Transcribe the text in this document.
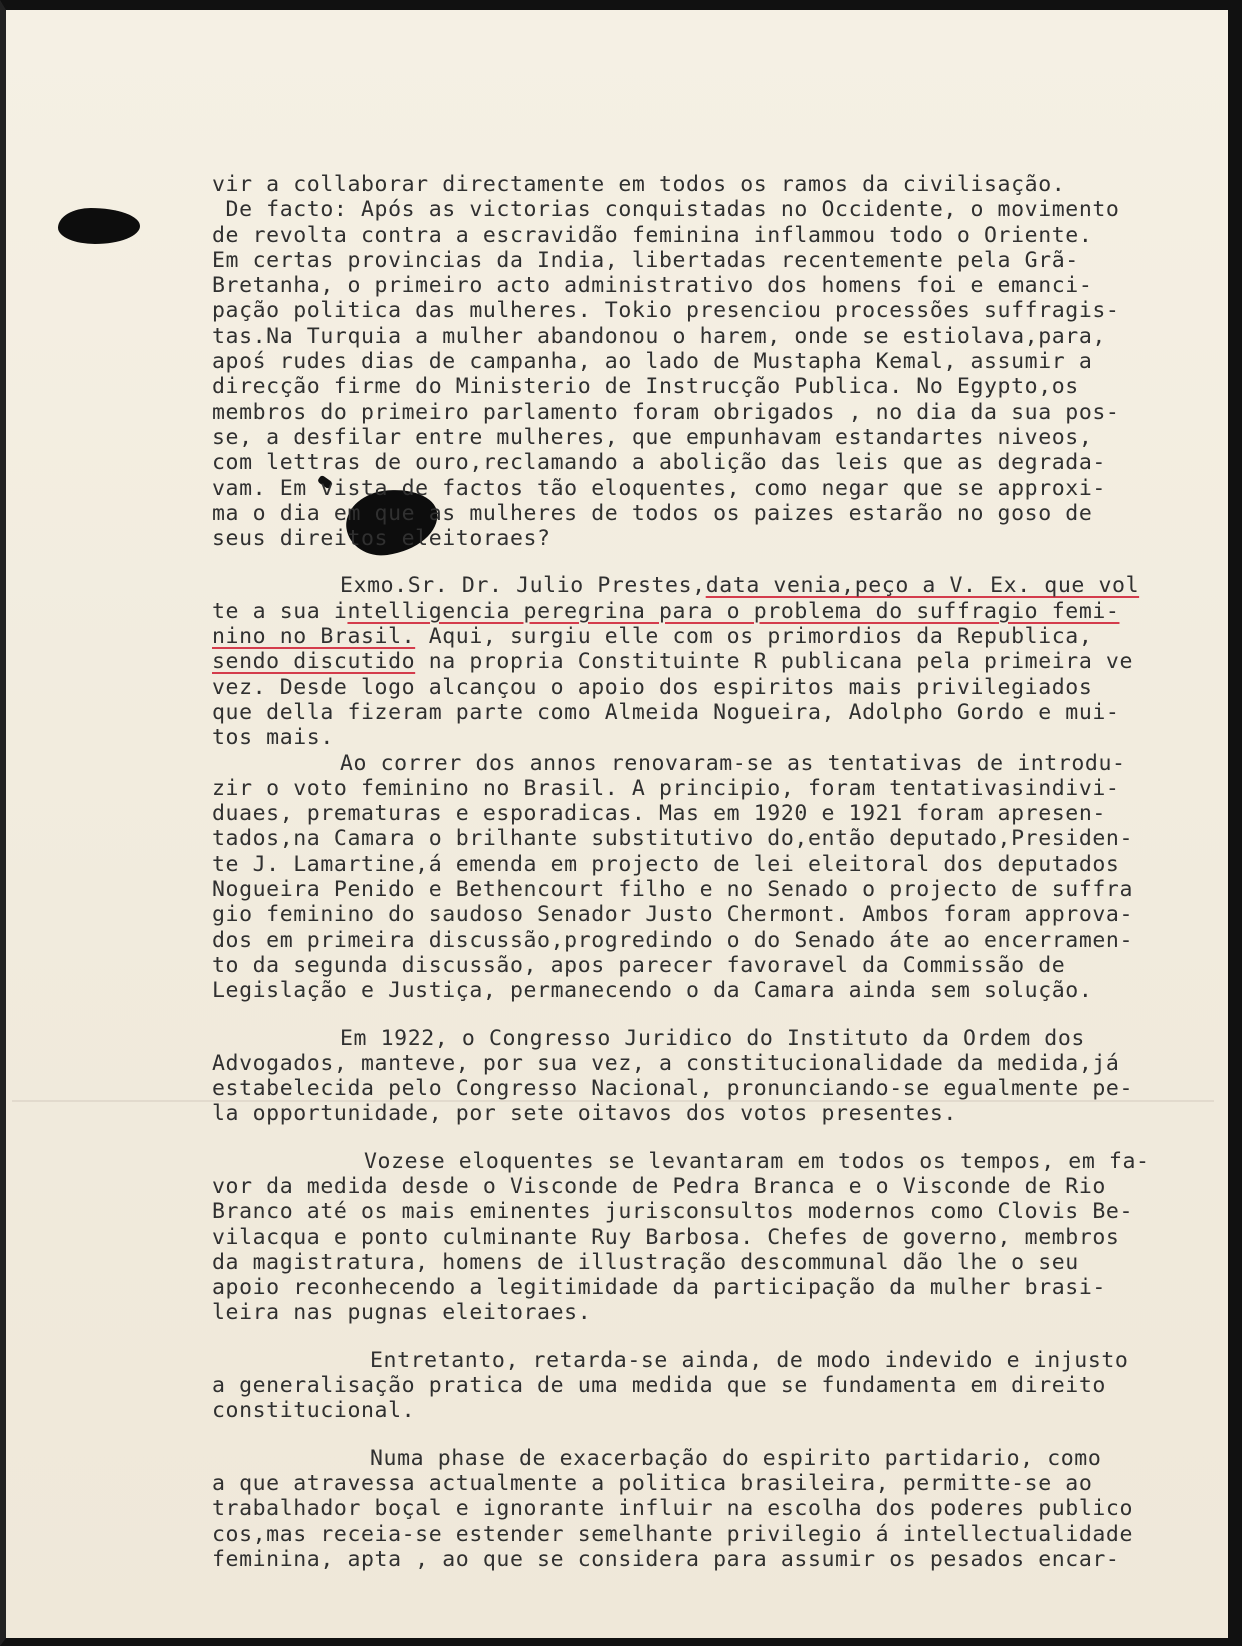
vir a collaborar directamente em todos os ramos da civilisação.
De facto: Após as victorias conquistadas no Occidente, o movimento
de revolta contra a escravidão feminina inflammou todo o Oriente.
Em certas provincias da India, libertadas recentemente pela Grã-
Bretanha, o primeiro acto administrativo dos homens foi e emanci-
pação politica das mulheres. Tokio presenciou processões suffragis-
tas.Na Turquia a mulher abandonou o harem, onde se estiolava,para,
apoś rudes dias de campanha, ao lado de Mustapha Kemal, assumir a
direcção firme do Ministerio de Instrucção Publica. No Egypto,os
membros do primeiro parlamento foram obrigados , no dia da sua pos-
se, a desfilar entre mulheres, que empunhavam estandartes niveos,
com lettras de ouro,reclamando a abolição das leis que as degrada-
vam. Em vista de factos tão eloquentes, como negar que se approxi-
ma o dia em que as mulheres de todos os paizes estarão no goso de
seus direitos eleitoraes?
Exmo.Sr. Dr. Julio Prestes,data venia,peço a V. Ex. que vol
te a sua intelligencia peregrina para o problema do suffragio femi-
nino no Brasil. Aqui, surgiu elle com os primordios da Republica,
sendo discutido na propria Constituinte R publicana pela primeira ve
vez. Desde logo alcançou o apoio dos espiritos mais privilegiados
que della fizeram parte como Almeida Nogueira, Adolpho Gordo e mui-
tos mais.
Ao correr dos annos renovaram-se as tentativas de introdu-
zir o voto feminino no Brasil. A principio, foram tentativasindivi-
duaes, prematuras e esporadicas. Mas em 1920 e 1921 foram apresen-
tados,na Camara o brilhante substitutivo do,então deputado,Presiden-
te J. Lamartine,á emenda em projecto de lei eleitoral dos deputados
Nogueira Penido e Bethencourt filho e no Senado o projecto de suffra
gio feminino do saudoso Senador Justo Chermont. Ambos foram approva-
dos em primeira discussão,progredindo o do Senado áte ao encerramen-
to da segunda discussão, apos parecer favoravel da Commissão de
Legislação e Justiça, permanecendo o da Camara ainda sem solução.
Em 1922, o Congresso Juridico do Instituto da Ordem dos
Advogados, manteve, por sua vez, a constitucionalidade da medida,já
estabelecida pelo Congresso Nacional, pronunciando-se egualmente pe-
la opportunidade, por sete oitavos dos votos presentes.
Vozese eloquentes se levantaram em todos os tempos, em fa-
vor da medida desde o Visconde de Pedra Branca e o Visconde de Rio
Branco até os mais eminentes jurisconsultos modernos como Clovis Be-
vilacqua e ponto culminante Ruy Barbosa. Chefes de governo, membros
da magistratura, homens de illustração descommunal dão lhe o seu
apoio reconhecendo a legitimidade da participação da mulher brasi-
leira nas pugnas eleitoraes.
Entretanto, retarda-se ainda, de modo indevido e injusto
a generalisação pratica de uma medida que se fundamenta em direito
constitucional.
Numa phase de exacerbação do espirito partidario, como
a que atravessa actualmente a politica brasileira, permitte-se ao
trabalhador boçal e ignorante influir na escolha dos poderes publico
cos,mas receia-se estender semelhante privilegio á intellectualidade
feminina, apta , ao que se considera para assumir os pesados encar-
